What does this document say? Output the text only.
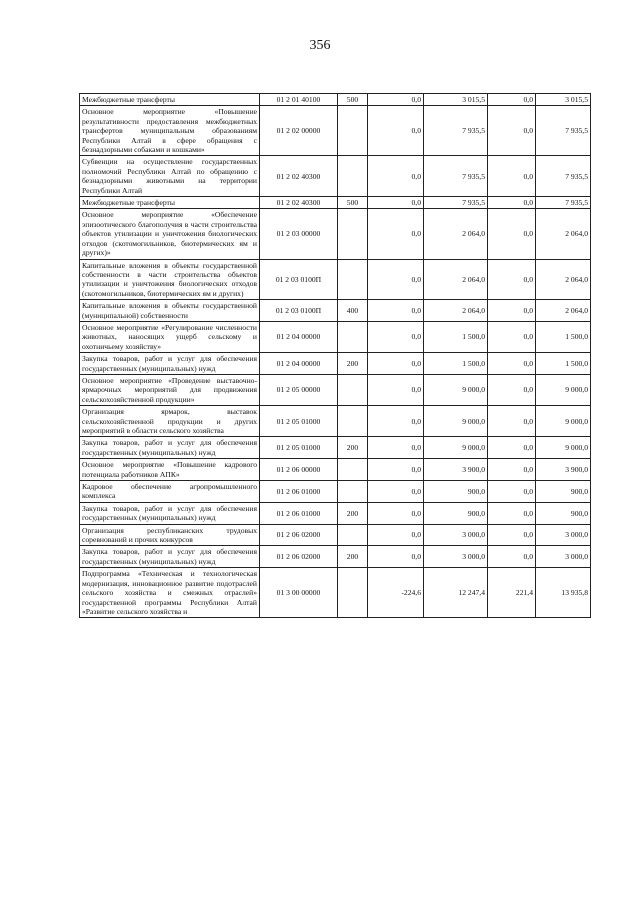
356
Межбюджетные трансферты	01 2 01 40100	500	0,0	3 015,5	0,0	3 015,5
Основное мероприятие «Повышение результативности предоставления межбюджетных трансфертов муниципальным образованиям Республики Алтай в сфере обращения с безнадзорными собаками и кошками»	01 2 02 00000		0,0	7 935,5	0,0	7 935,5
Субвенции на осуществление государственных полномочий Республики Алтай по обращению с безнадзорными животными на территории Республики Алтай	01 2 02 40300		0,0	7 935,5	0,0	7 935,5
Межбюджетные трансферты	01 2 02 40300	500	0,0	7 935,5	0,0	7 935,5
Основное мероприятие «Обеспечение эпизоотического благополучия в части строительства объектов утилизации и уничтожения биологических отходов (скотомогильников, биотермических ям и других)»	01 2 03 00000		0,0	2 064,0	0,0	2 064,0
Капитальные вложения в объекты государственной собственности в части строительства объектов утилизации и уничтожения биологических отходов (скотомогильников, биотермических ям и других)	01 2 03 0100П		0,0	2 064,0	0,0	2 064,0
Капитальные вложения в объекты государственной (муниципальной) собственности	01 2 03 0100П	400	0,0	2 064,0	0,0	2 064,0
Основное мероприятие «Регулирование численности животных, наносящих ущерб сельскому и охотничьему хозяйству»	01 2 04 00000		0,0	1 500,0	0,0	1 500,0
Закупка товаров, работ и услуг для обеспечения государственных (муниципальных) нужд	01 2 04 00000	200	0,0	1 500,0	0,0	1 500,0
Основное мероприятие «Проведение выставочно-ярмарочных мероприятий для продвижения сельскохозяйственной продукции»	01 2 05 00000		0,0	9 000,0	0,0	9 000,0
Организация ярмарок, выставок сельскохозяйственной продукции и других мероприятий в области сельского хозяйства	01 2 05 01000		0,0	9 000,0	0,0	9 000,0
Закупка товаров, работ и услуг для обеспечения государственных (муниципальных) нужд	01 2 05 01000	200	0,0	9 000,0	0,0	9 000,0
Основное мероприятие «Повышение кадрового потенциала работников АПК»	01 2 06 00000		0,0	3 900,0	0,0	3 900,0
Кадровое обеспечение агропромышленного комплекса	01 2 06 01000		0,0	900,0	0,0	900,0
Закупка товаров, работ и услуг для обеспечения государственных (муниципальных) нужд	01 2 06 01000	200	0,0	900,0	0,0	900,0
Организация республиканских трудовых соревнований и прочих конкурсов	01 2 06 02000		0,0	3 000,0	0,0	3 000,0
Закупка товаров, работ и услуг для обеспечения государственных (муниципальных) нужд	01 2 06 02000	200	0,0	3 000,0	0,0	3 000,0
Подпрограмма «Техническая и технологическая модернизация, инновационное развитие подотраслей сельского хозяйства и смежных отраслей» государственной программы Республики Алтай «Развитие сельского хозяйства и	01 3 00 00000		-224,6	12 247,4	221,4	13 935,8
